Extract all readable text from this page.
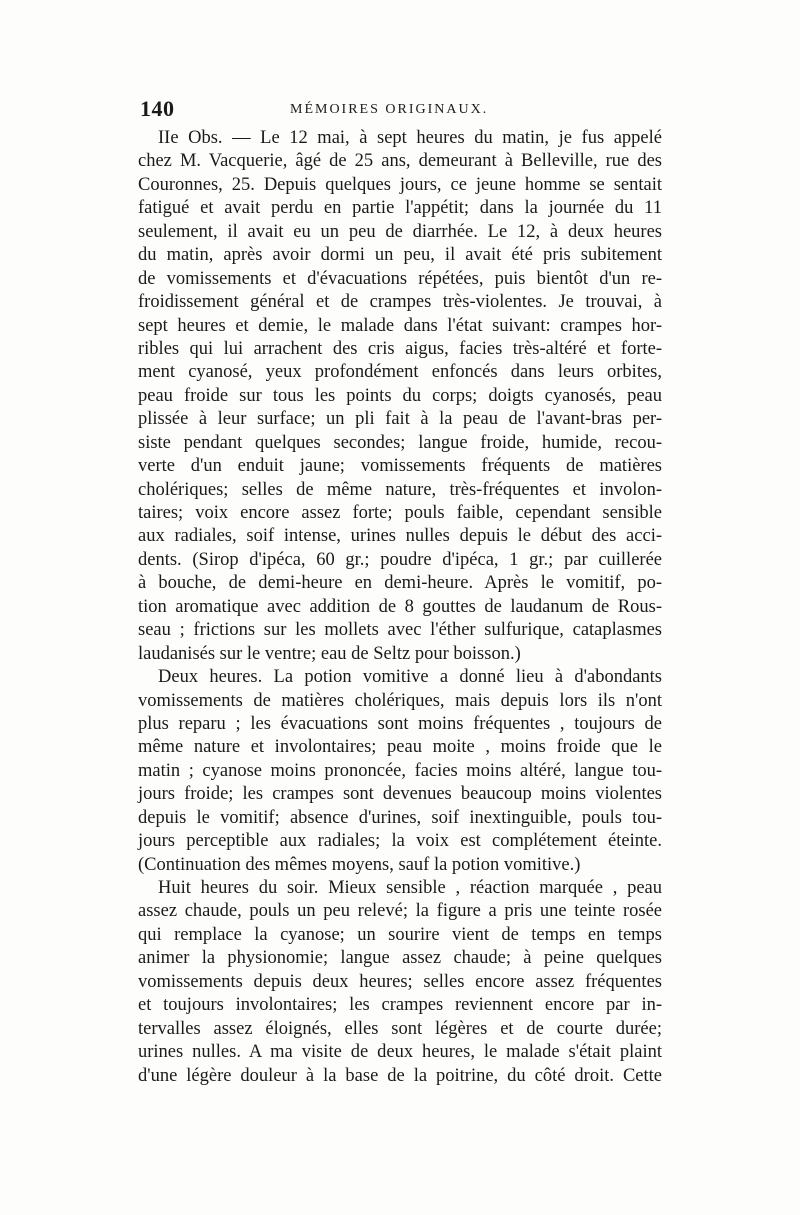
140	MÉMOIRES ORIGINAUX.
IIe Obs. — Le 12 mai, à sept heures du matin, je fus appelé
chez M. Vacquerie, âgé de 25 ans, demeurant à Belleville, rue des
Couronnes, 25. Depuis quelques jours, ce jeune homme se sentait
fatigué et avait perdu en partie l'appétit; dans la journée du 11
seulement, il avait eu un peu de diarrhée. Le 12, à deux heures
du matin, après avoir dormi un peu, il avait été pris subitement
de vomissements et d'évacuations répétées, puis bientôt d'un re-
froidissement général et de crampes très-violentes. Je trouvai, à
sept heures et demie, le malade dans l'état suivant: crampes hor-
ribles qui lui arrachent des cris aigus, facies très-altéré et forte-
ment cyanosé, yeux profondément enfoncés dans leurs orbites,
peau froide sur tous les points du corps; doigts cyanosés, peau
plissée à leur surface; un pli fait à la peau de l'avant-bras per-
siste pendant quelques secondes; langue froide, humide, recou-
verte d'un enduit jaune; vomissements fréquents de matières
cholériques; selles de même nature, très-fréquentes et involon-
taires; voix encore assez forte; pouls faible, cependant sensible
aux radiales, soif intense, urines nulles depuis le début des acci-
dents. (Sirop d'ipéca, 60 gr.; poudre d'ipéca, 1 gr.; par cuillerée
à bouche, de demi-heure en demi-heure. Après le vomitif, po-
tion aromatique avec addition de 8 gouttes de laudanum de Rous-
seau ; frictions sur les mollets avec l'éther sulfurique, cataplasmes
laudanisés sur le ventre; eau de Seltz pour boisson.)
Deux heures. La potion vomitive a donné lieu à d'abondants
vomissements de matières cholériques, mais depuis lors ils n'ont
plus reparu ; les évacuations sont moins fréquentes , toujours de
même nature et involontaires; peau moite , moins froide que le
matin ; cyanose moins prononcée, facies moins altéré, langue tou-
jours froide; les crampes sont devenues beaucoup moins violentes
depuis le vomitif; absence d'urines, soif inextinguible, pouls tou-
jours perceptible aux radiales; la voix est complétement éteinte.
(Continuation des mêmes moyens, sauf la potion vomitive.)
Huit heures du soir. Mieux sensible , réaction marquée , peau
assez chaude, pouls un peu relevé; la figure a pris une teinte rosée
qui remplace la cyanose; un sourire vient de temps en temps
animer la physionomie; langue assez chaude; à peine quelques
vomissements depuis deux heures; selles encore assez fréquentes
et toujours involontaires; les crampes reviennent encore par in-
tervalles assez éloignés, elles sont légères et de courte durée;
urines nulles. A ma visite de deux heures, le malade s'était plaint
d'une légère douleur à la base de la poitrine, du côté droit. Cette
